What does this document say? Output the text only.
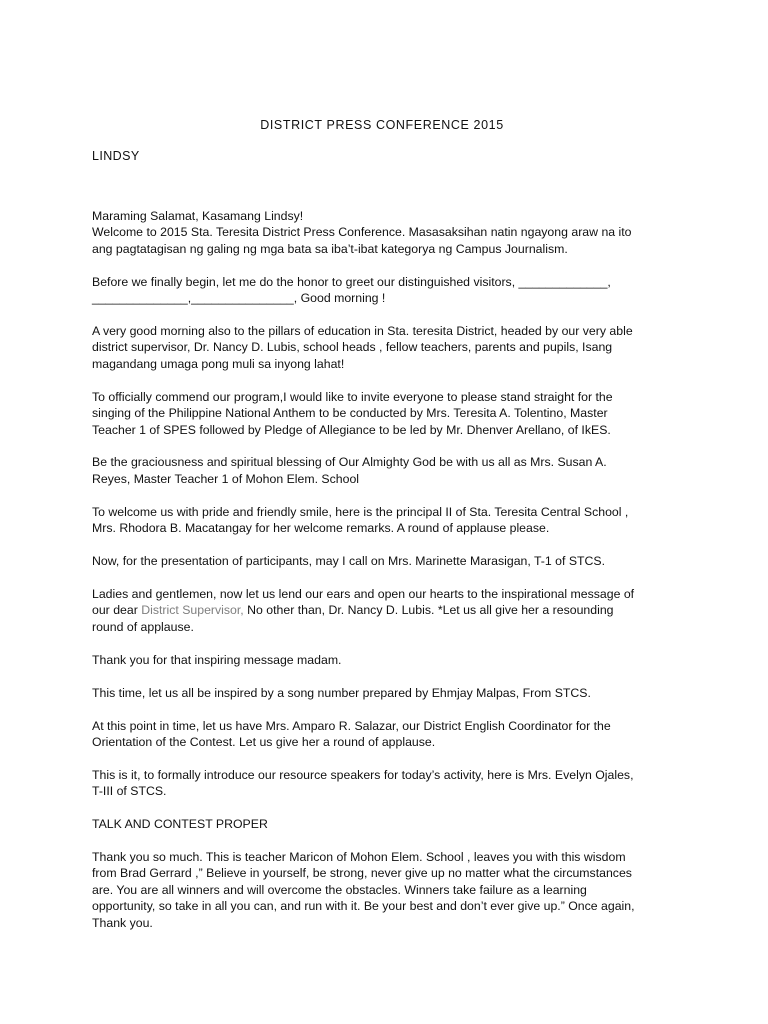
DISTRICT PRESS CONFERENCE 2015

LINDSY

Maraming Salamat, Kasamang Lindsy!
Welcome to 2015 Sta. Teresita District Press Conference. Masasaksihan natin ngayong araw na ito
ang pagtatagisan ng galing ng mga bata sa iba’t-ibat kategorya ng Campus Journalism.

Before we finally begin, let me do the honor to greet our distinguished visitors, _____________,
______________,_______________, Good morning !

A very good morning also to the pillars of education in Sta. teresita District, headed by our very able
district supervisor, Dr. Nancy D. Lubis, school heads , fellow teachers, parents and pupils, Isang
magandang umaga pong muli sa inyong lahat!

To officially commend our program,I would like to invite everyone to please stand straight for the
singing of the Philippine National Anthem to be conducted by Mrs. Teresita A. Tolentino, Master
Teacher 1 of SPES followed by Pledge of Allegiance to be led by Mr. Dhenver Arellano, of IkES.

Be the graciousness and spiritual blessing of Our Almighty God be with us all as Mrs. Susan A.
Reyes, Master Teacher 1 of Mohon Elem. School

To welcome us with pride and friendly smile, here is the principal II of Sta. Teresita Central School ,
Mrs. Rhodora B. Macatangay for her welcome remarks. A round of applause please.

Now, for the presentation of participants, may I call on Mrs. Marinette Marasigan, T-1 of STCS.

Ladies and gentlemen, now let us lend our ears and open our hearts to the inspirational message of
our dear District Supervisor, No other than, Dr. Nancy D. Lubis. *Let us all give her a resounding
round of applause.

Thank you for that inspiring message madam.

This time, let us all be inspired by a song number prepared by Ehmjay Malpas, From STCS.

At this point in time, let us have Mrs. Amparo R. Salazar, our District English Coordinator for the
Orientation of the Contest. Let us give her a round of applause.

This is it, to formally introduce our resource speakers for today’s activity, here is Mrs. Evelyn Ojales,
T-III of STCS.

TALK AND CONTEST PROPER

Thank you so much. This is teacher Maricon of Mohon Elem. School , leaves you with this wisdom
from Brad Gerrard ,” Believe in yourself, be strong, never give up no matter what the circumstances
are. You are all winners and will overcome the obstacles. Winners take failure as a learning
opportunity, so take in all you can, and run with it. Be your best and don’t ever give up.” Once again,
Thank you.
